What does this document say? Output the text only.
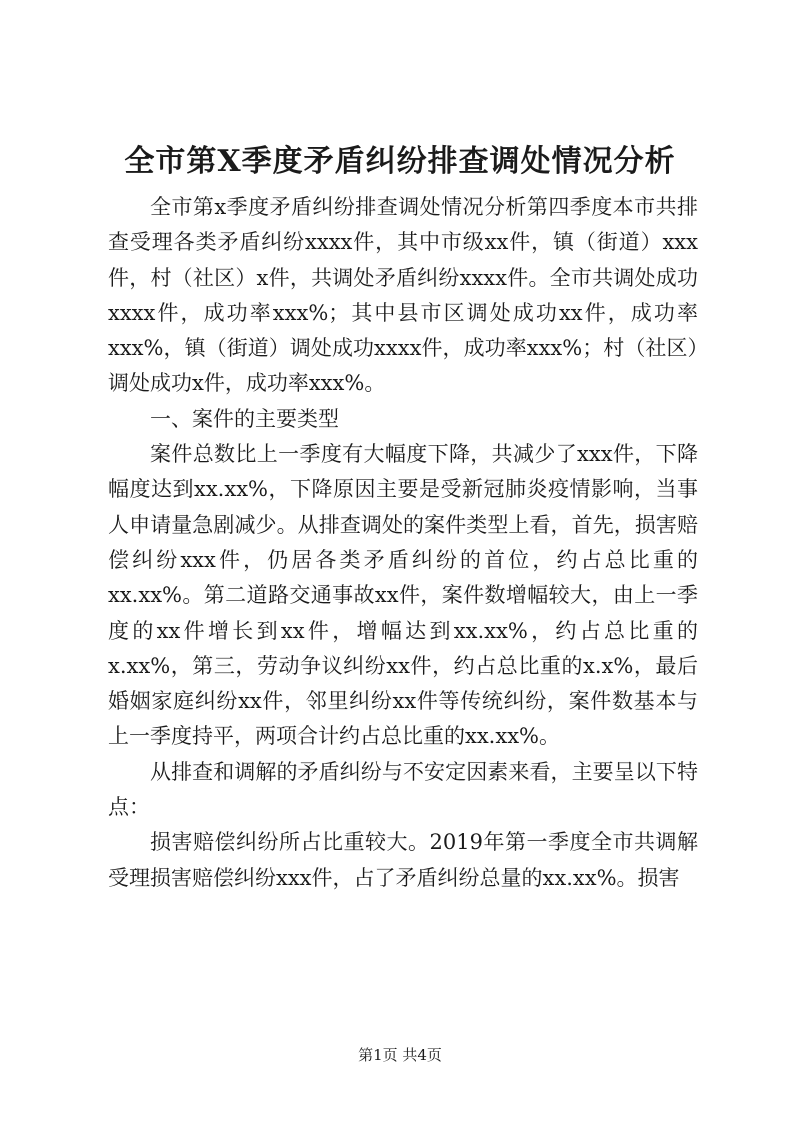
全市第X季度矛盾纠纷排查调处情况分析

全市第x季度矛盾纠纷排查调处情况分析第四季度本市共排查受理各类矛盾纠纷xxxx件，其中市级xx件，镇（街道）xxx件，村（社区）x件，共调处矛盾纠纷xxxx件。全市共调处成功xxxx件，成功率xxx%；其中县市区调处成功xx件，成功率xxx%，镇（街道）调处成功xxxx件，成功率xxx%；村（社区）调处成功x件，成功率xxx%。

一、案件的主要类型

案件总数比上一季度有大幅度下降，共减少了xxx件，下降幅度达到xx.xx%，下降原因主要是受新冠肺炎疫情影响，当事人申请量急剧减少。从排查调处的案件类型上看，首先，损害赔偿纠纷xxx件，仍居各类矛盾纠纷的首位，约占总比重的xx.xx%。第二道路交通事故xx件，案件数增幅较大，由上一季度的xx件增长到xx件，增幅达到xx.xx%，约占总比重的x.xx%，第三，劳动争议纠纷xx件，约占总比重的x.x%，最后婚姻家庭纠纷xx件，邻里纠纷xx件等传统纠纷，案件数基本与上一季度持平，两项合计约占总比重的xx.xx%。

从排查和调解的矛盾纠纷与不安定因素来看，主要呈以下特点：

损害赔偿纠纷所占比重较大。2019年第一季度全市共调解受理损害赔偿纠纷xxx件，占了矛盾纠纷总量的xx.xx%。损害

第1页 共4页
